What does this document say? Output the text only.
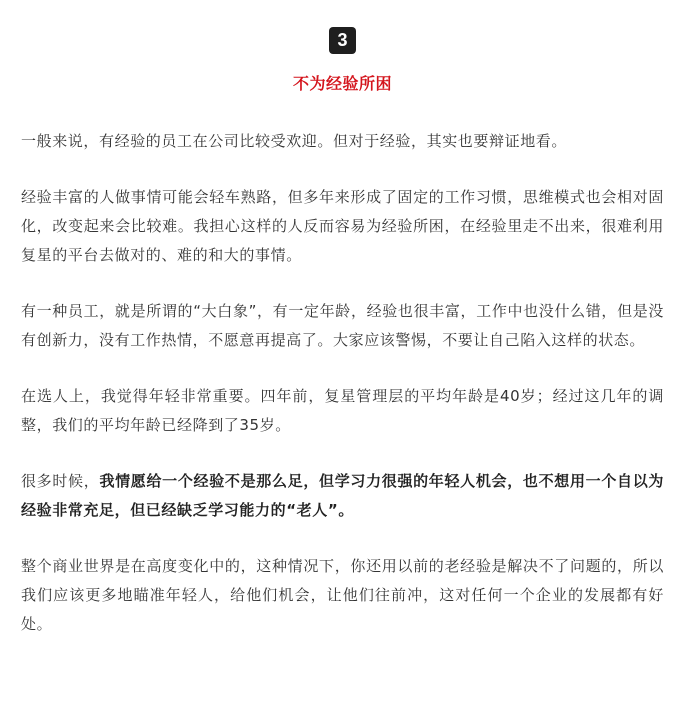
3
不为经验所困

一般来说，有经验的员工在公司比较受欢迎。但对于经验，其实也要辩证地看。

经验丰富的人做事情可能会轻车熟路，但多年来形成了固定的工作习惯，思维模式也会相对固化，改变起来会比较难。我担心这样的人反而容易为经验所困，在经验里走不出来，很难利用复星的平台去做对的、难的和大的事情。

有一种员工，就是所谓的“大白象”，有一定年龄，经验也很丰富，工作中也没什么错，但是没有创新力，没有工作热情，不愿意再提高了。大家应该警惕，不要让自己陷入这样的状态。

在选人上，我觉得年轻非常重要。四年前，复星管理层的平均年龄是40岁；经过这几年的调整，我们的平均年龄已经降到了35岁。

很多时候，我情愿给一个经验不是那么足，但学习力很强的年轻人机会，也不想用一个自以为经验非常充足，但已经缺乏学习能力的“老人”。

整个商业世界是在高度变化中的，这种情况下，你还用以前的老经验是解决不了问题的，所以我们应该更多地瞄准年轻人，给他们机会，让他们往前冲，这对任何一个企业的发展都有好处。
